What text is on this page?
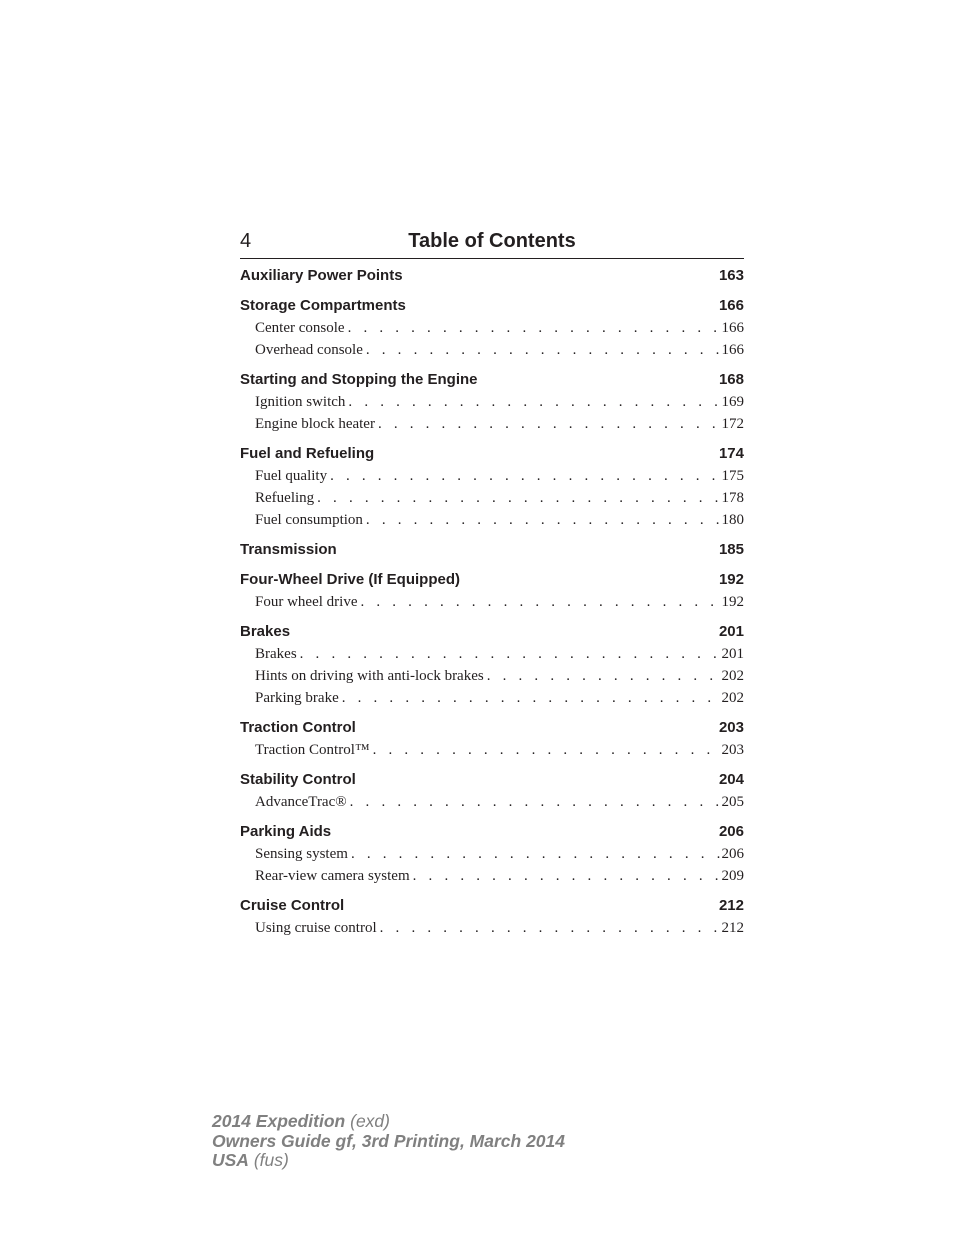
4	Table of Contents
Auxiliary Power Points	163
Storage Compartments	166
Center console . . .	166
Overhead console . . .	166
Starting and Stopping the Engine	168
Ignition switch . . .	169
Engine block heater . . .	172
Fuel and Refueling	174
Fuel quality . . .	175
Refueling . . .	178
Fuel consumption . . .	180
Transmission	185
Four-Wheel Drive (If Equipped)	192
Four wheel drive . . .	192
Brakes	201
Brakes . . .	201
Hints on driving with anti-lock brakes . . .	202
Parking brake . . .	202
Traction Control	203
Traction Control™ . . .	203
Stability Control	204
AdvanceTrac® . . .	205
Parking Aids	206
Sensing system . . .	206
Rear-view camera system . . .	209
Cruise Control	212
Using cruise control . . .	212
2014 Expedition (exd)
Owners Guide gf, 3rd Printing, March 2014
USA (fus)
